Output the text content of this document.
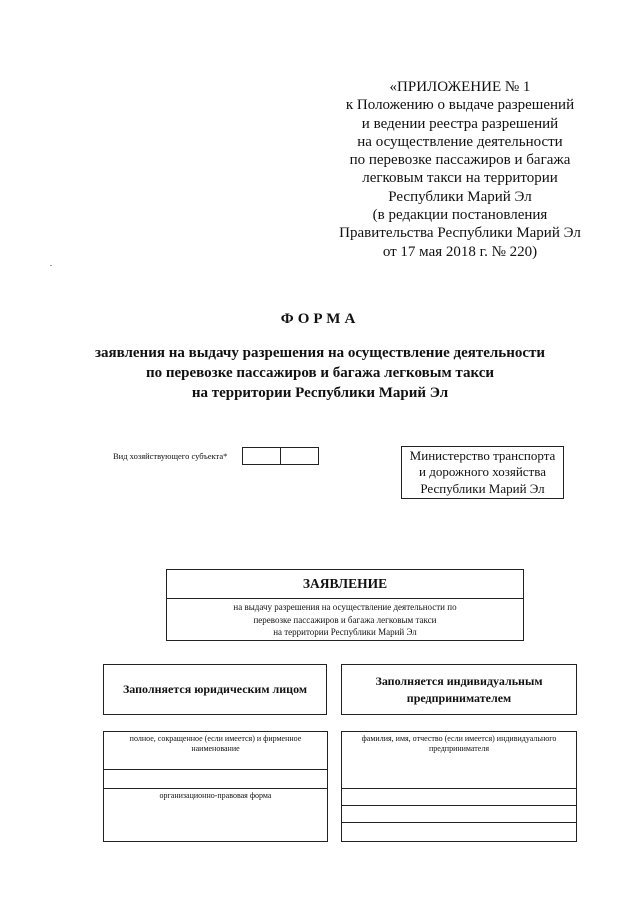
«ПРИЛОЖЕНИЕ № 1
к Положению о выдаче разрешений
и ведении реестра разрешений
на осуществление деятельности
по перевозке пассажиров и багажа
легковым такси на территории
Республики Марий Эл
(в редакции постановления
Правительства Республики Марий Эл
от 17 мая 2018 г. № 220)
ФОРМА
заявления на выдачу разрешения на осуществление деятельности
по перевозке пассажиров и багажа легковым такси
на территории Республики Марий Эл
Вид хозяйствующего субъекта*	Министерство транспорта
и дорожного хозяйства
Республики Марий Эл
ЗАЯВЛЕНИЕ
на выдачу разрешения на осуществление деятельности по
перевозке пассажиров и багажа легковым такси
на территории Республики Марий Эл
Заполняется юридическим лицом
Заполняется индивидуальным
предпринимателем
полное, сокращенное (если имеется) и фирменное
наименование
организационно-правовая форма
фамилия, имя, отчество (если имеется) индивидуального
предпринимателя
